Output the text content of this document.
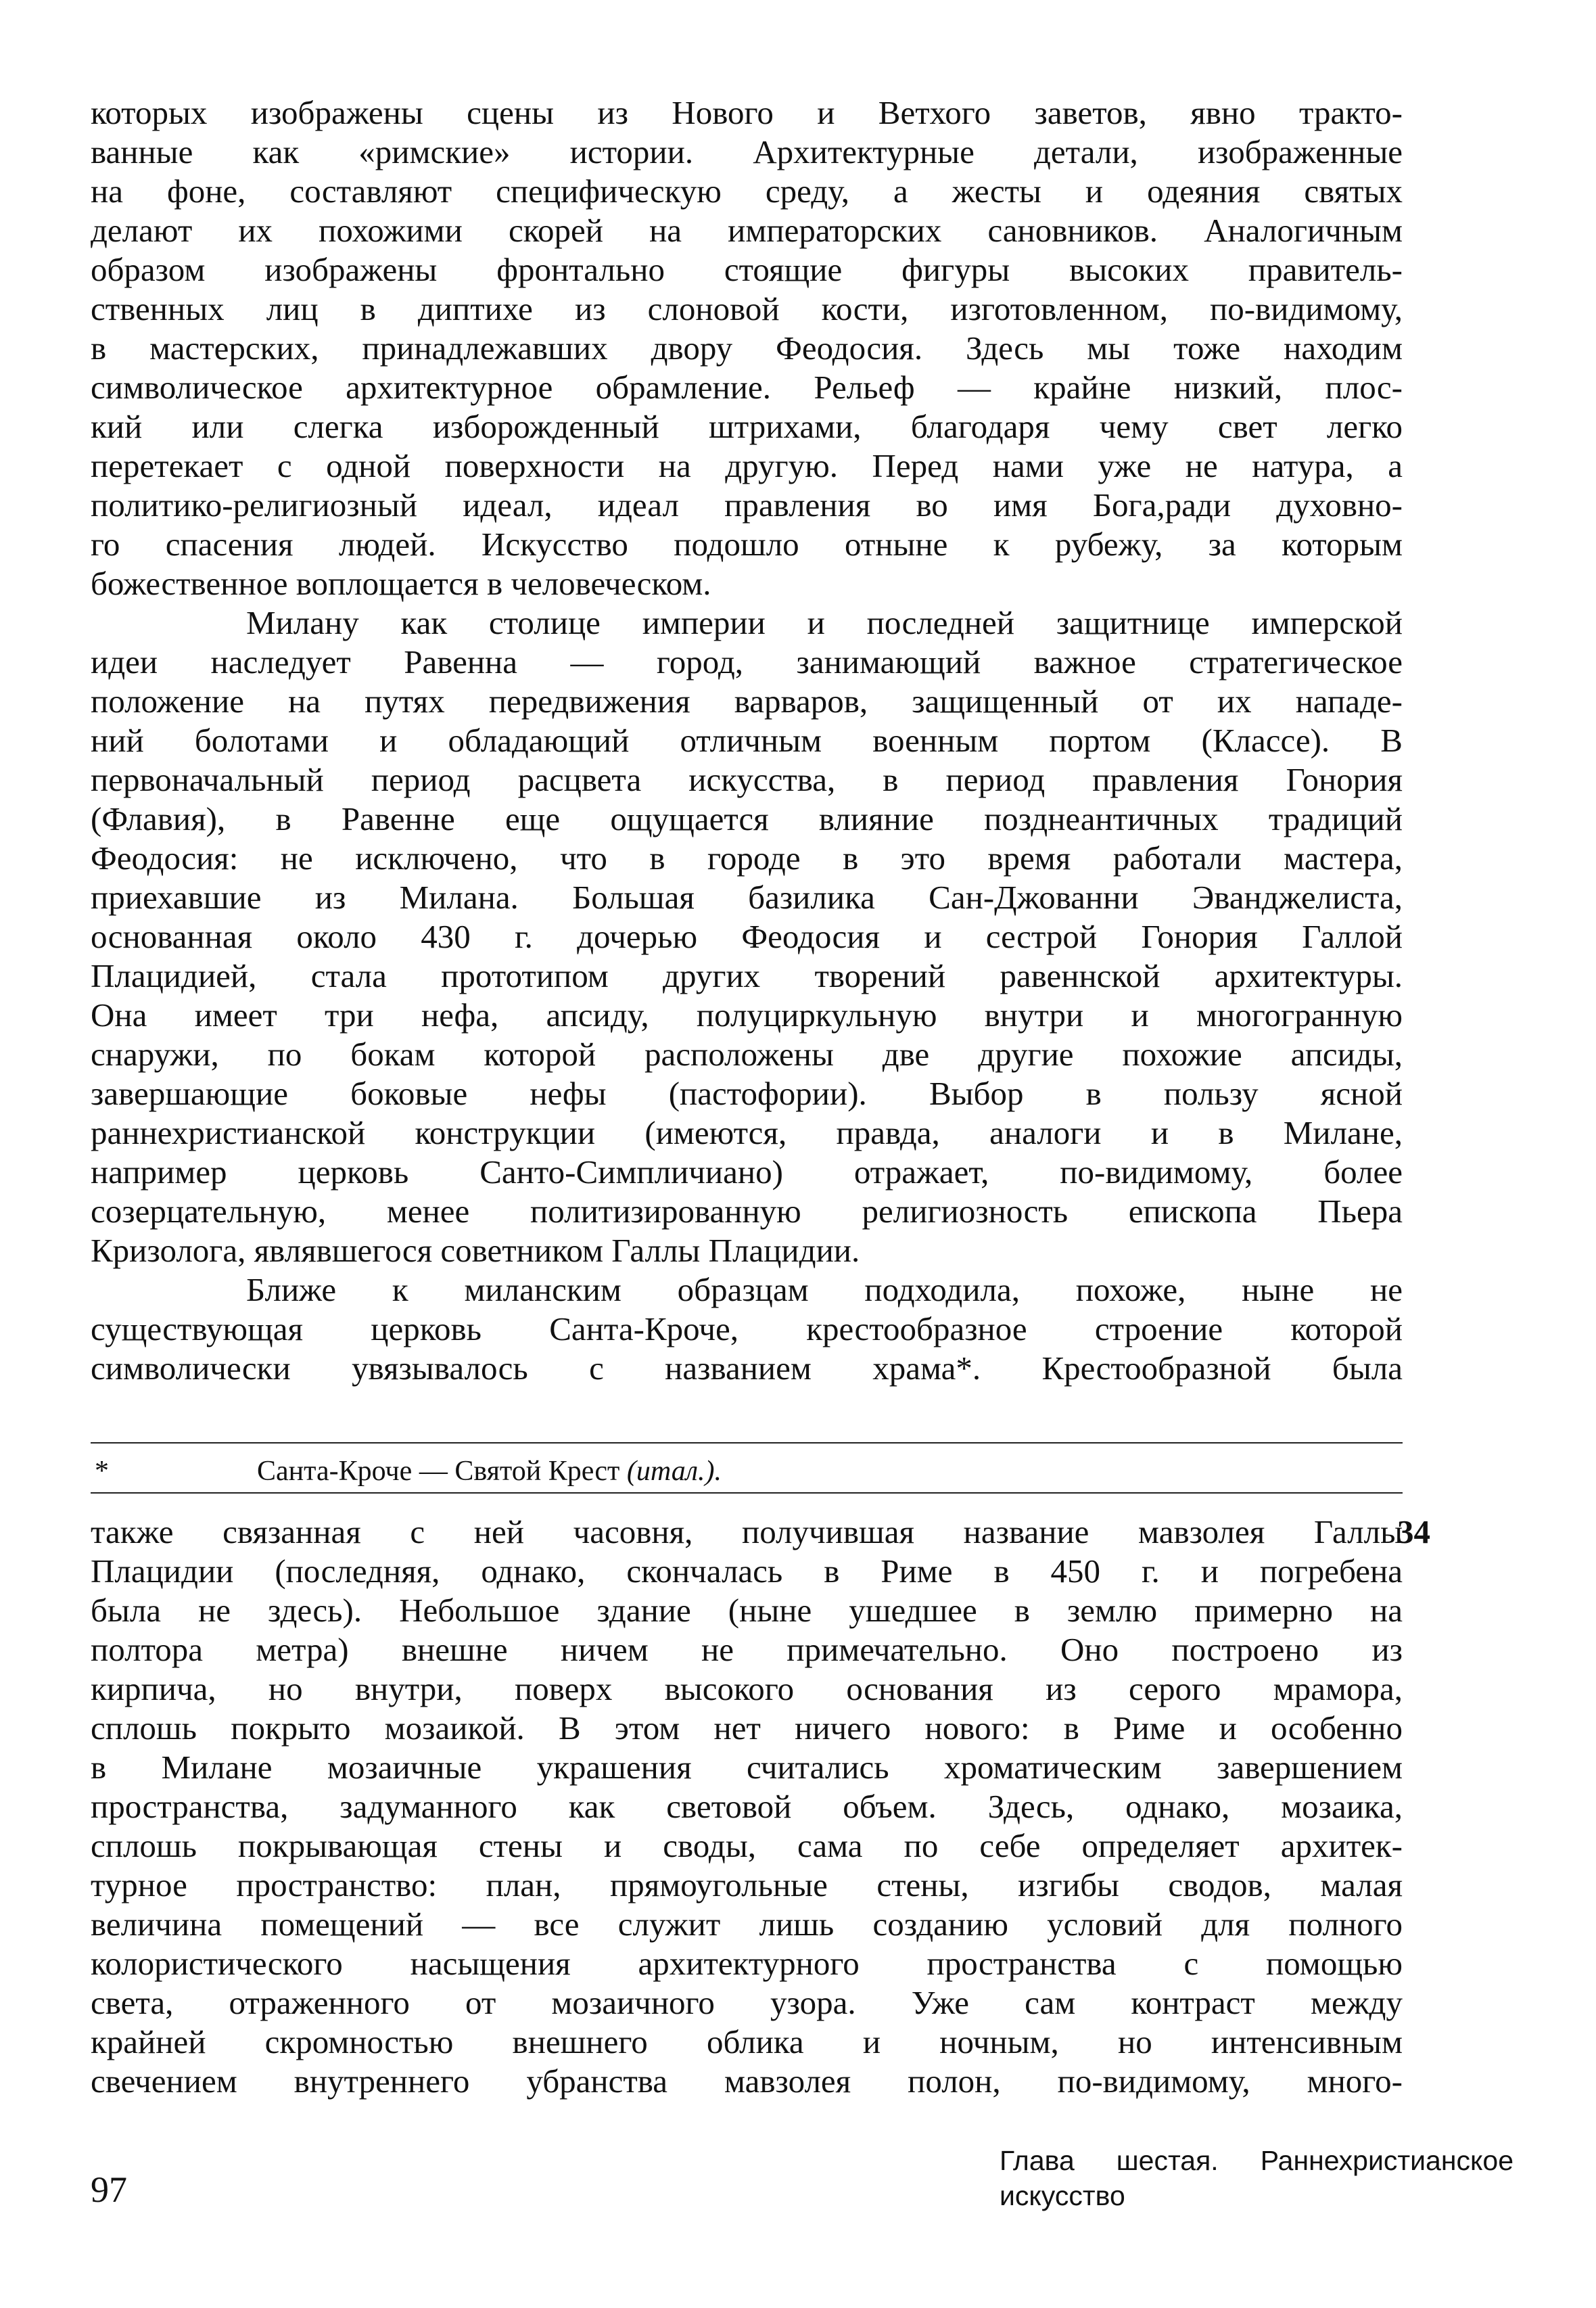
которых изображены сцены из Нового и Ветхого заветов, явно тракто-
ванные как «римские» истории. Архитектурные детали, изображенные
на фоне, составляют специфическую среду, а жесты и одеяния святых
делают их похожими скорей на императорских сановников. Аналогичным
образом изображены фронтально стоящие фигуры высоких правитель-
ственных лиц в диптихе из слоновой кости, изготовленном, по-видимому,
в мастерских, принадлежавших двору Феодосия. Здесь мы тоже находим
символическое архитектурное обрамление. Рельеф — крайне низкий, плос-
кий или слегка изборожденный штрихами, благодаря чему свет легко
перетекает с одной поверхности на другую. Перед нами уже не натура, а
политико-религиозный идеал, идеал правления во имя Бога,ради духовно-
го спасения людей. Искусство подошло отныне к рубежу, за которым
божественное воплощается в человеческом.
Милану как столице империи и последней защитнице имперской
идеи наследует Равенна — город, занимающий важное стратегическое
положение на путях передвижения варваров, защищенный от их нападе-
ний болотами и обладающий отличным военным портом (Классе). В
первоначальный период расцвета искусства, в период правления Гонория
(Флавия), в Равенне еще ощущается влияние позднеантичных традиций
Феодосия: не исключено, что в городе в это время работали мастера,
приехавшие из Милана. Большая базилика Сан-Джованни Эванджелиста,
основанная около 430 г. дочерью Феодосия и сестрой Гонория Галлой
Плацидией, стала прототипом других творений равеннской архитектуры.
Она имеет три нефа, апсиду, полуциркульную внутри и многогранную
снаружи, по бокам которой расположены две другие похожие апсиды,
завершающие боковые нефы (пастофории). Выбор в пользу ясной
раннехристианской конструкции (имеются, правда, аналоги и в Милане,
например церковь Санто-Симпличиано) отражает, по-видимому, более
созерцательную, менее политизированную религиозность епископа Пьера
Кризолога, являвшегося советником Галлы Плацидии.
Ближе к миланским образцам подходила, похоже, ныне не
существующая церковь Санта-Кроче, крестообразное строение которой
символически увязывалось с названием храма*. Крестообразной была
*	Санта-Кроче — Святой Крест (итал.).
также связанная с ней часовня, получившая название мавзолея Галлы
Плацидии (последняя, однако, скончалась в Риме в 450 г. и погребена
была не здесь). Небольшое здание (ныне ушедшее в землю примерно на
полтора метра) внешне ничем не примечательно. Оно построено из
кирпича, но внутри, поверх высокого основания из серого мрамора,
сплошь покрыто мозаикой. В этом нет ничего нового: в Риме и особенно
в Милане мозаичные украшения считались хроматическим завершением
пространства, задуманного как световой объем. Здесь, однако, мозаика,
сплошь покрывающая стены и своды, сама по себе определяет архитек-
турное пространство: план, прямоугольные стены, изгибы сводов, малая
величина помещений — все служит лишь созданию условий для полного
колористического насыщения архитектурного пространства с помощью
света, отраженного от мозаичного узора. Уже сам контраст между
крайней скромностью внешнего облика и ночным, но интенсивным
свечением внутреннего убранства мавзолея полон, по-видимому, много-
34
97
Глава шестая. Раннехристианское
искусство
